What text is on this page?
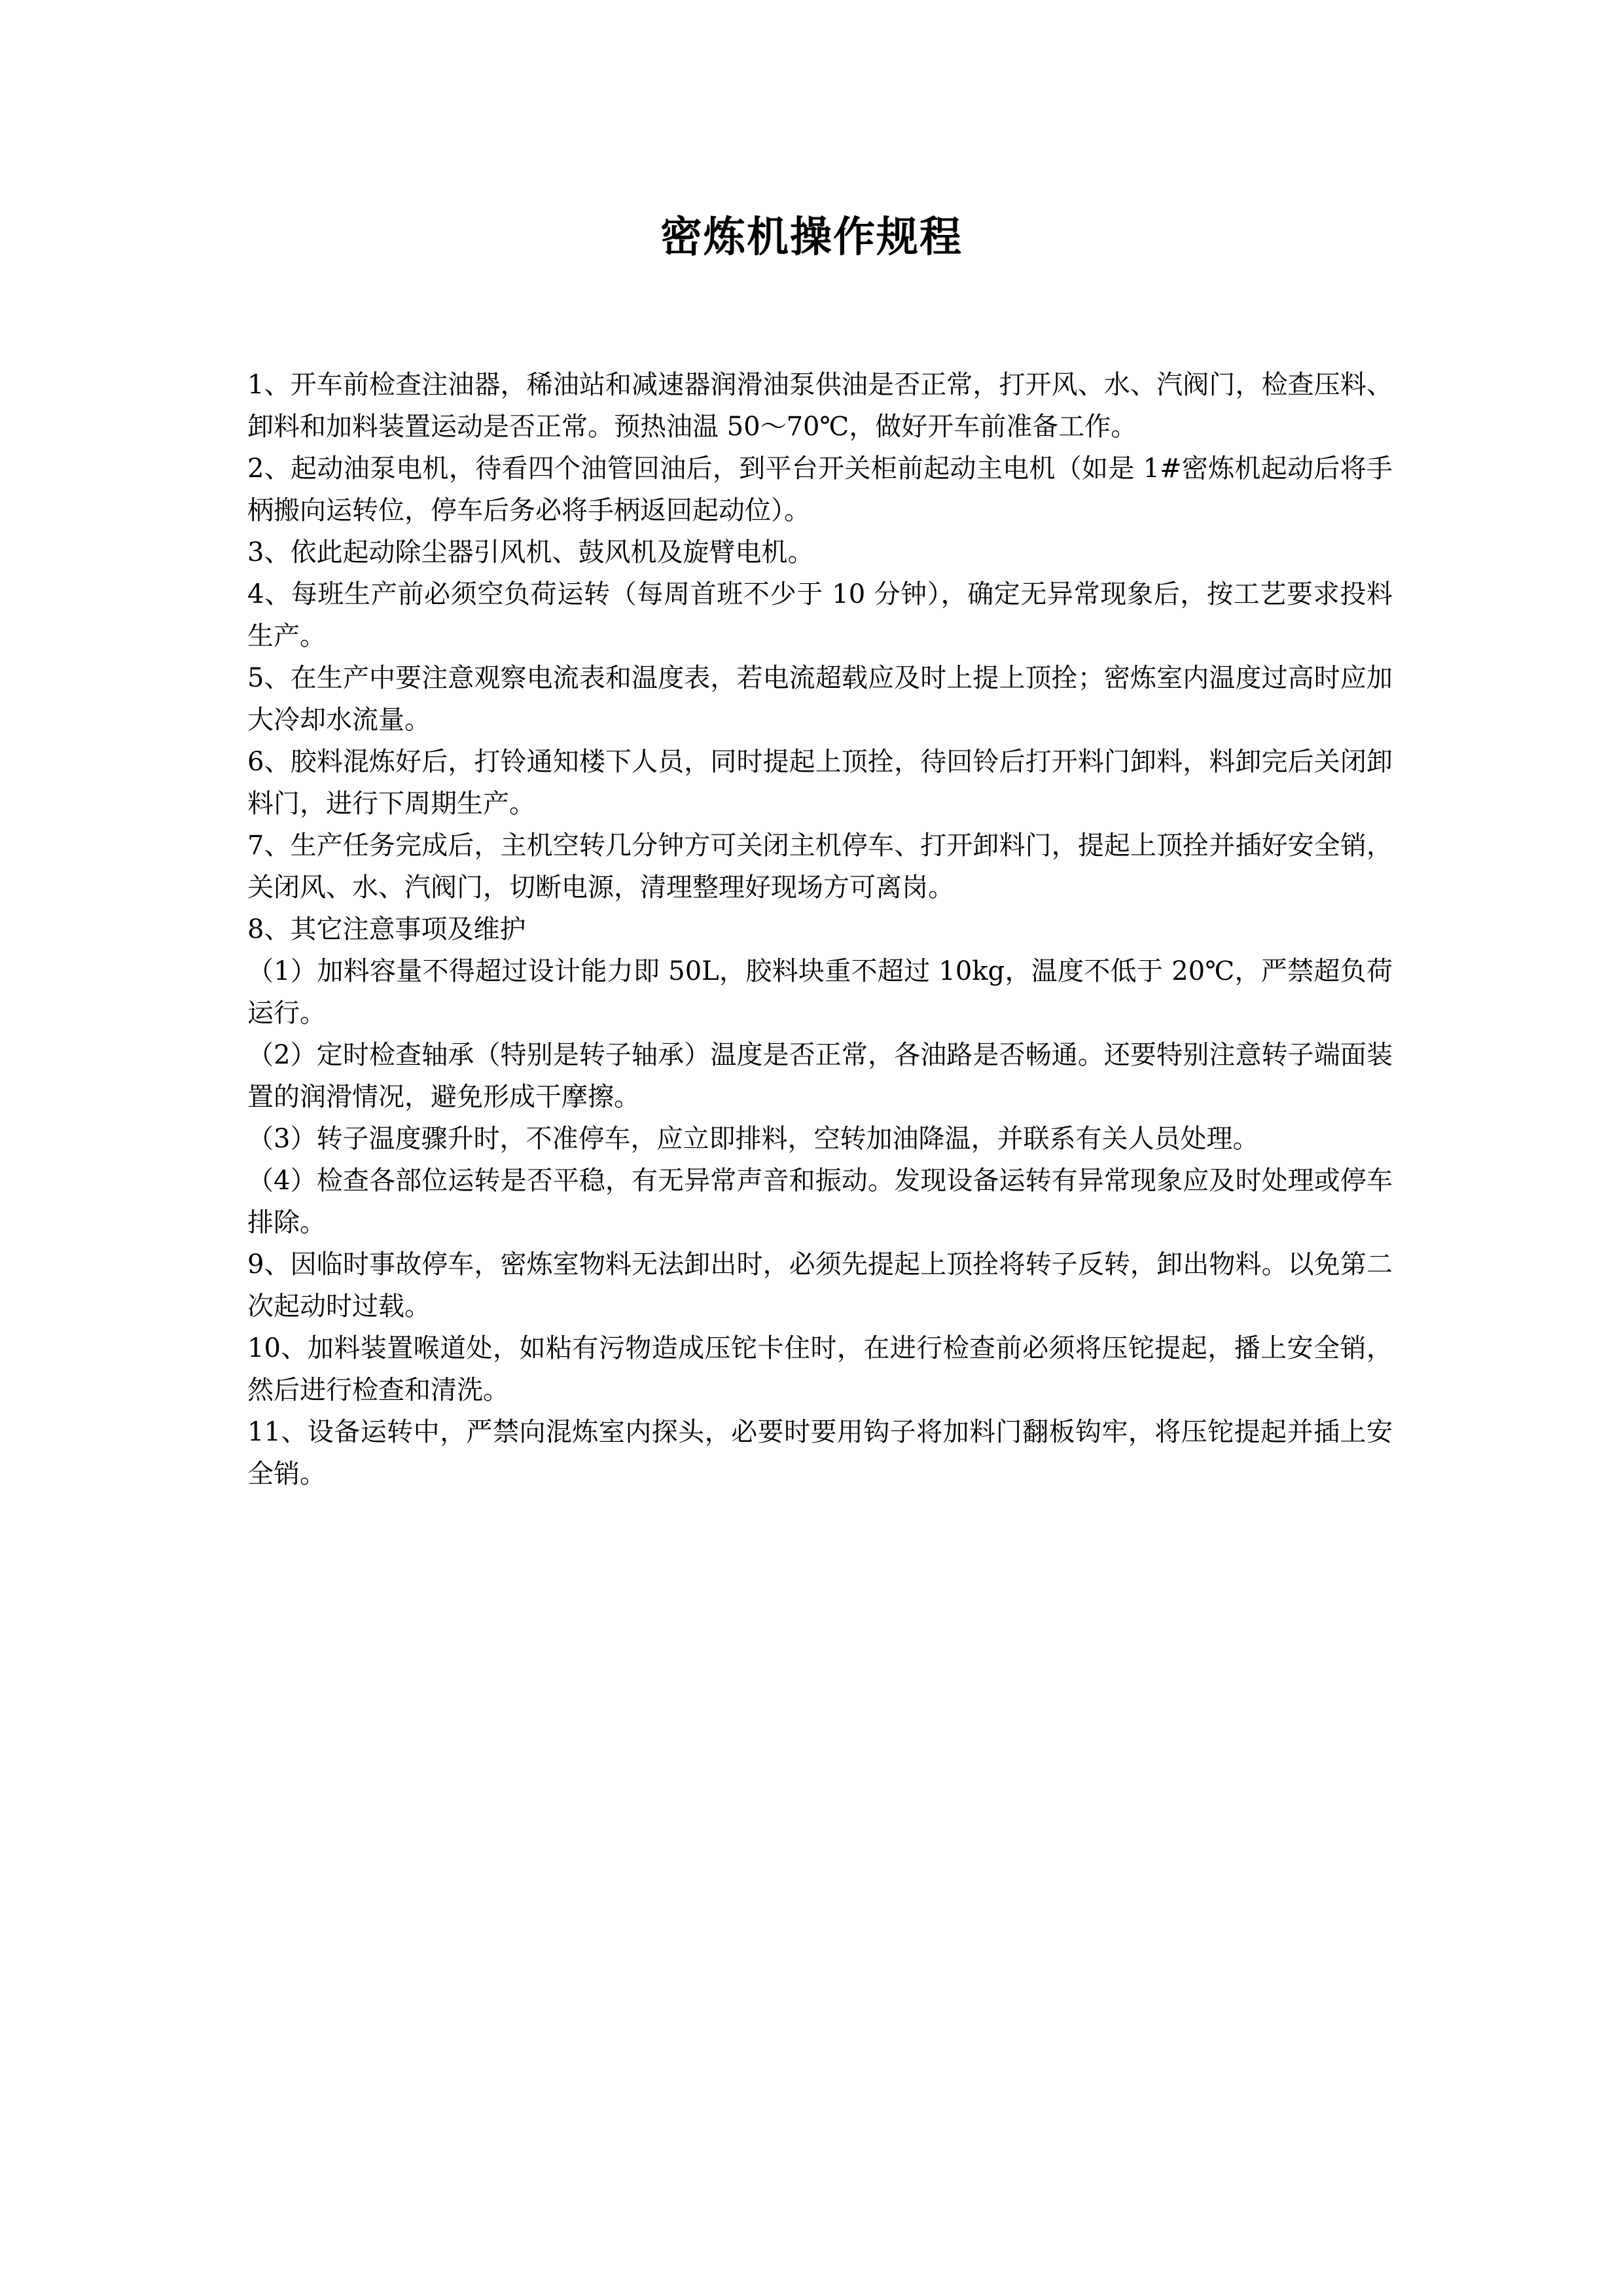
密炼机操作规程

1、开车前检查注油器，稀油站和减速器润滑油泵供油是否正常，打开风、水、汽阀门，检查压料、卸料和加料装置运动是否正常。预热油温 50～70℃，做好开车前准备工作。

2、起动油泵电机，待看四个油管回油后，到平台开关柜前起动主电机（如是 1#密炼机起动后将手柄搬向运转位，停车后务必将手柄返回起动位）。

3、依此起动除尘器引风机、鼓风机及旋臂电机。

4、每班生产前必须空负荷运转（每周首班不少于 10 分钟），确定无异常现象后，按工艺要求投料生产。

5、在生产中要注意观察电流表和温度表，若电流超载应及时上提上顶拴；密炼室内温度过高时应加大冷却水流量。

6、胶料混炼好后，打铃通知楼下人员，同时提起上顶拴，待回铃后打开料门卸料，料卸完后关闭卸料门，进行下周期生产。

7、生产任务完成后，主机空转几分钟方可关闭主机停车、打开卸料门，提起上顶拴并插好安全销，关闭风、水、汽阀门，切断电源，清理整理好现场方可离岗。

8、其它注意事项及维护

（1）加料容量不得超过设计能力即 50L，胶料块重不超过 10kg，温度不低于 20℃，严禁超负荷运行。

（2）定时检查轴承（特别是转子轴承）温度是否正常，各油路是否畅通。还要特别注意转子端面装置的润滑情况，避免形成干摩擦。

（3）转子温度骤升时，不准停车，应立即排料，空转加油降温，并联系有关人员处理。

（4）检查各部位运转是否平稳，有无异常声音和振动。发现设备运转有异常现象应及时处理或停车排除。

9、因临时事故停车，密炼室物料无法卸出时，必须先提起上顶拴将转子反转，卸出物料。以免第二次起动时过载。

10、加料装置喉道处，如粘有污物造成压铊卡住时，在进行检查前必须将压铊提起，播上安全销，然后进行检查和清洗。

11、设备运转中，严禁向混炼室内探头，必要时要用钩子将加料门翻板钩牢，将压铊提起并插上安全销。
